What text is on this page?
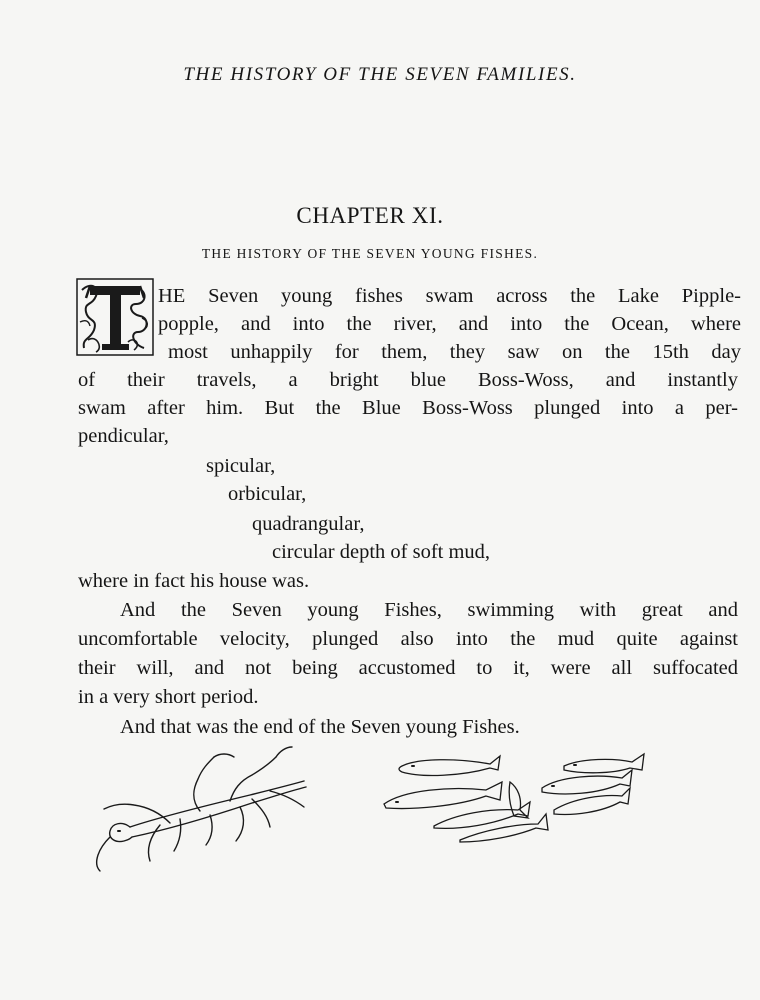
THE HISTORY OF THE SEVEN FAMILIES.
CHAPTER XI.
THE HISTORY OF THE SEVEN YOUNG FISHES.
HE Seven young fishes swam across the Lake Pipple-
popple, and into the river, and into the Ocean, where
most unhappily for them, they saw on the 15th day
of their travels, a bright blue Boss-Woss, and instantly
swam after him. But the Blue Boss-Woss plunged into a per-
pendicular,
spicular,
orbicular,
quadrangular,
circular depth of soft mud,
where in fact his house was.
And the Seven young Fishes, swimming with great and
uncomfortable velocity, plunged also into the mud quite against
their will, and not being accustomed to it, were all suffocated
in a very short period.
And that was the end of the Seven young Fishes.
